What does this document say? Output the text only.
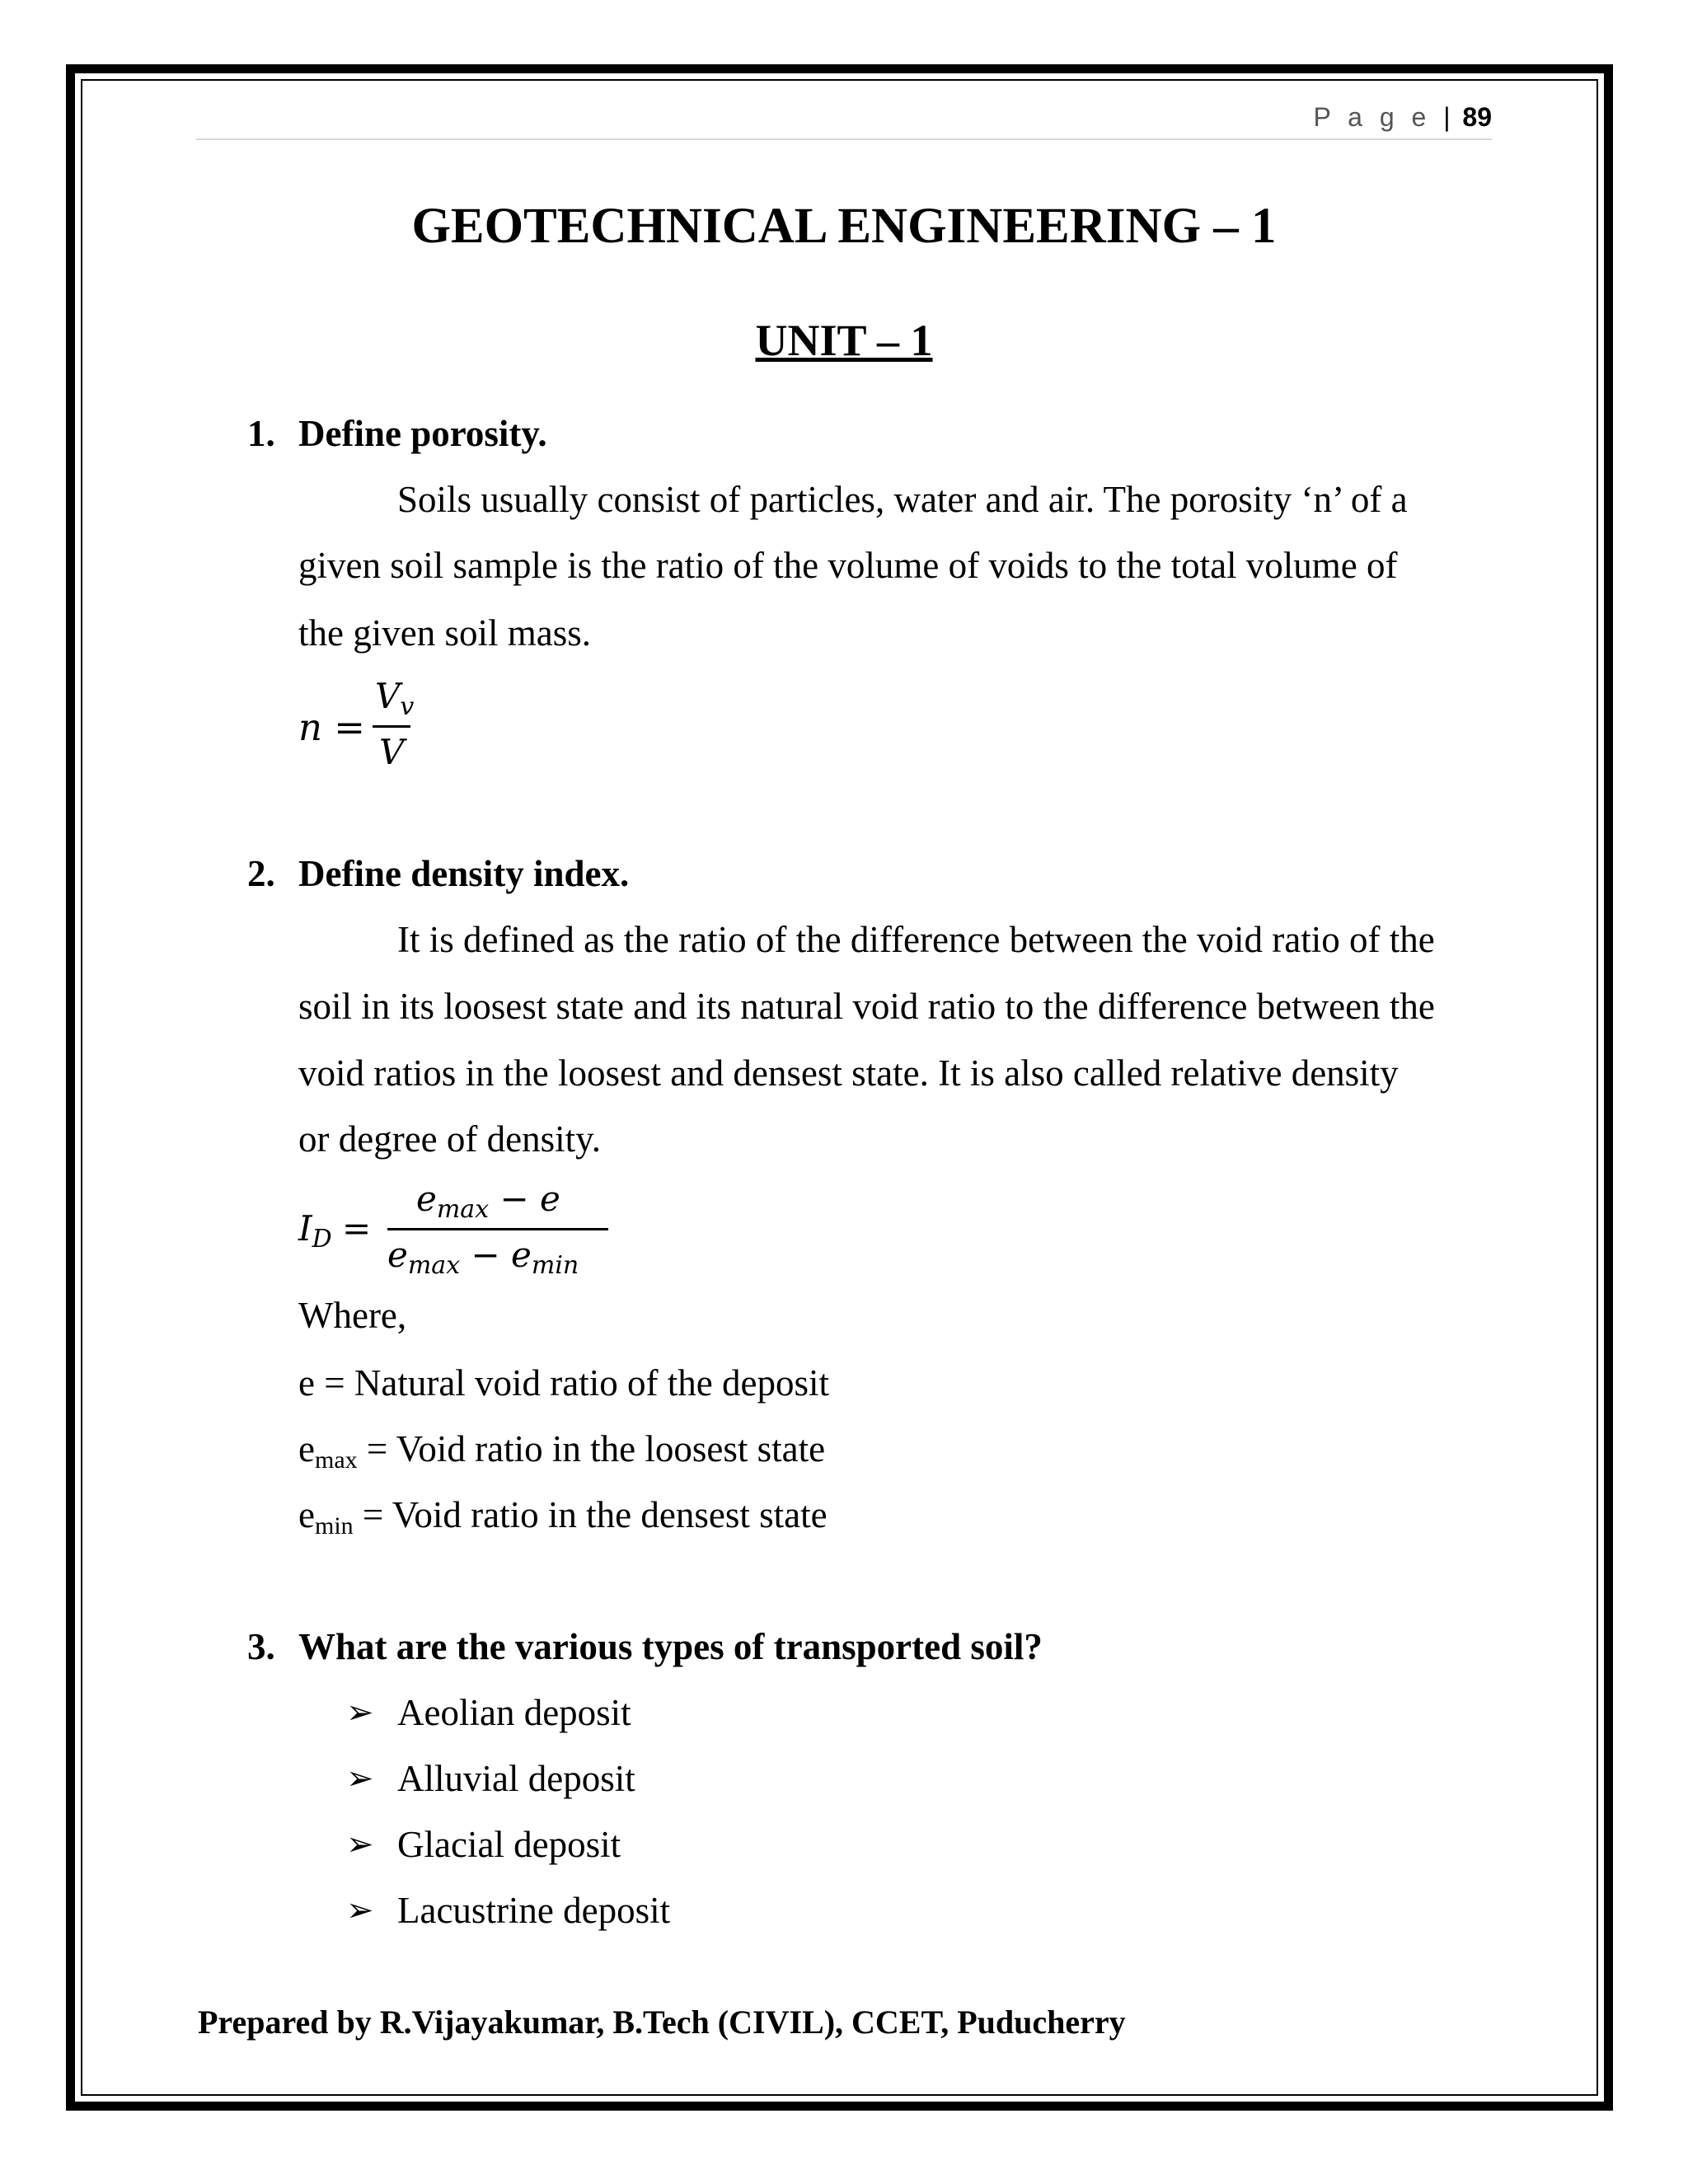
P a g e | 89
GEOTECHNICAL ENGINEERING – 1
UNIT – 1
1. Define porosity.
Soils usually consist of particles, water and air. The porosity ‘n’ of a
given soil sample is the ratio of the volume of voids to the total volume of
the given soil mass.
n =
$V_v$
V
2. Define density index.
It is defined as the ratio of the difference between the void ratio of the
soil in its loosest state and its natural void ratio to the difference between the
void ratios in the loosest and densest state. It is also called relative density
or degree of density.
$I_D$ =
$e_{max} - e$
$e_{max} - e_{min}$
Where,
e = Natural void ratio of the deposit
$e_{max}$ = Void ratio in the loosest state
$e_{min}$ = Void ratio in the densest state
3. What are the various types of transported soil?
➢ Aeolian deposit
➢ Alluvial deposit
➢ Glacial deposit
➢ Lacustrine deposit
Prepared by R.Vijayakumar, B.Tech (CIVIL), CCET, Puducherry
